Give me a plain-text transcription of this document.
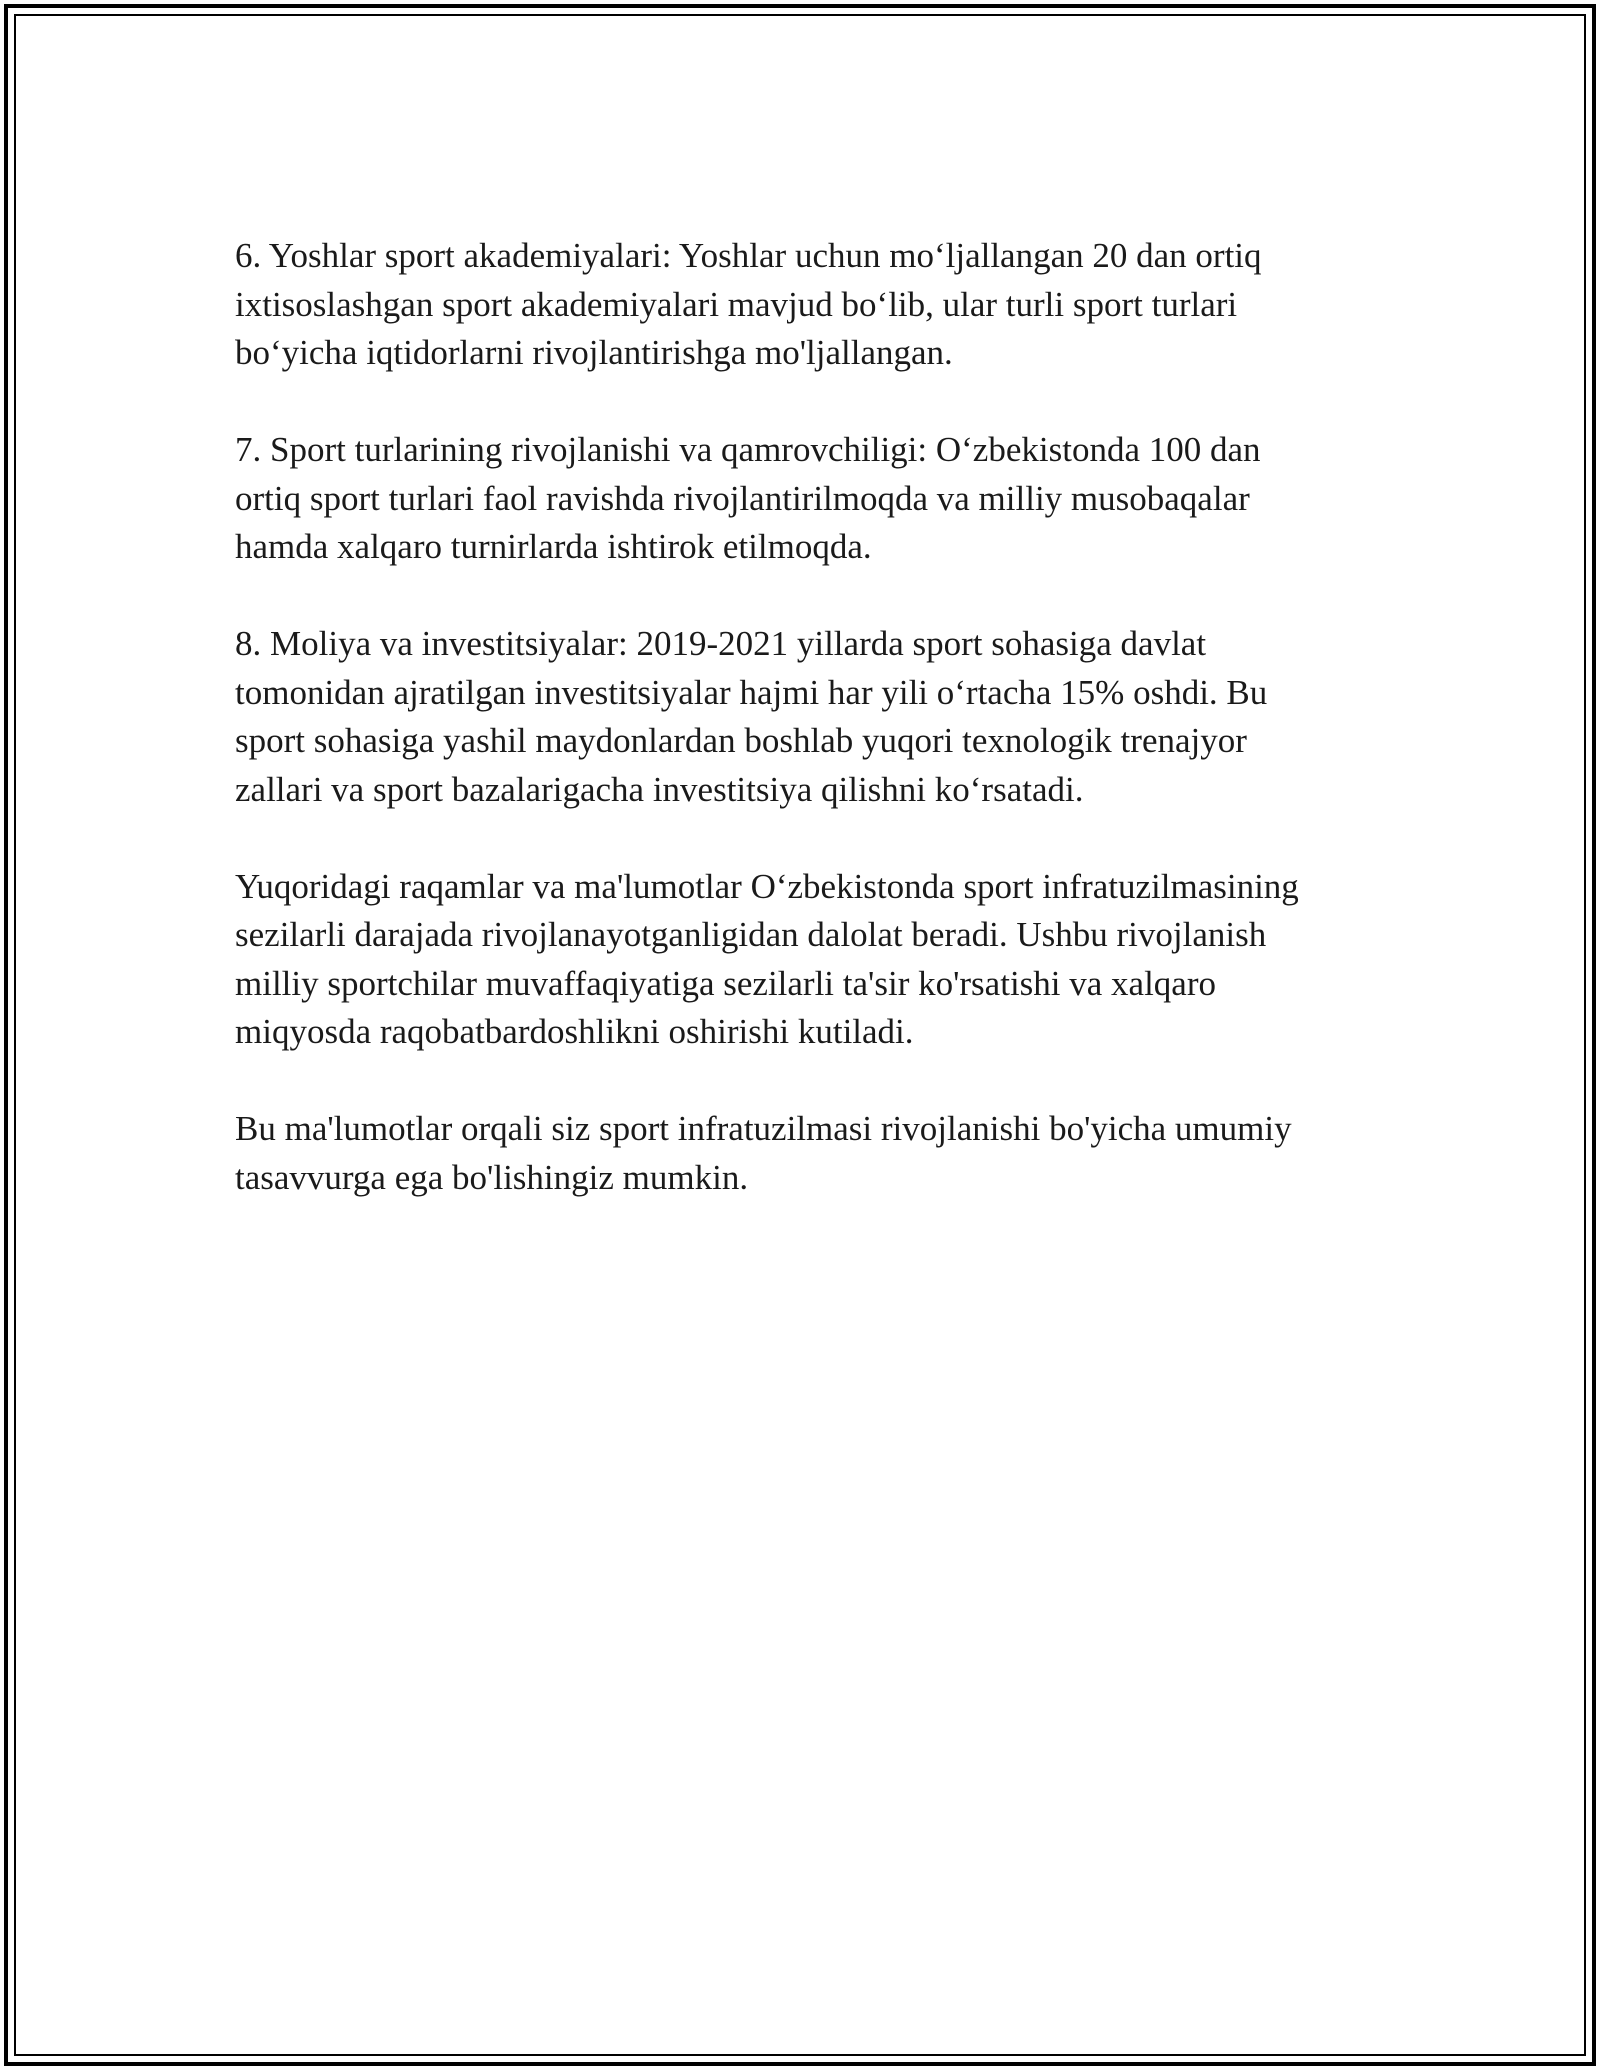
6. Yoshlar sport akademiyalari: Yoshlar uchun mo‘ljallangan 20 dan ortiq
ixtisoslashgan sport akademiyalari mavjud bo‘lib, ular turli sport turlari
bo‘yicha iqtidorlarni rivojlantirishga mo'ljallangan.

7. Sport turlarining rivojlanishi va qamrovchiligi: O‘zbekistonda 100 dan
ortiq sport turlari faol ravishda rivojlantirilmoqda va milliy musobaqalar
hamda xalqaro turnirlarda ishtirok etilmoqda.

8. Moliya va investitsiyalar: 2019-2021 yillarda sport sohasiga davlat
tomonidan ajratilgan investitsiyalar hajmi har yili o‘rtacha 15% oshdi. Bu
sport sohasiga yashil maydonlardan boshlab yuqori texnologik trenajyor
zallari va sport bazalarigacha investitsiya qilishni ko‘rsatadi.

Yuqoridagi raqamlar va ma'lumotlar O‘zbekistonda sport infratuzilmasining
sezilarli darajada rivojlanayotganligidan dalolat beradi. Ushbu rivojlanish
milliy sportchilar muvaffaqiyatiga sezilarli ta'sir ko'rsatishi va xalqaro
miqyosda raqobatbardoshlikni oshirishi kutiladi.

Bu ma'lumotlar orqali siz sport infratuzilmasi rivojlanishi bo'yicha umumiy
tasavvurga ega bo'lishingiz mumkin.
